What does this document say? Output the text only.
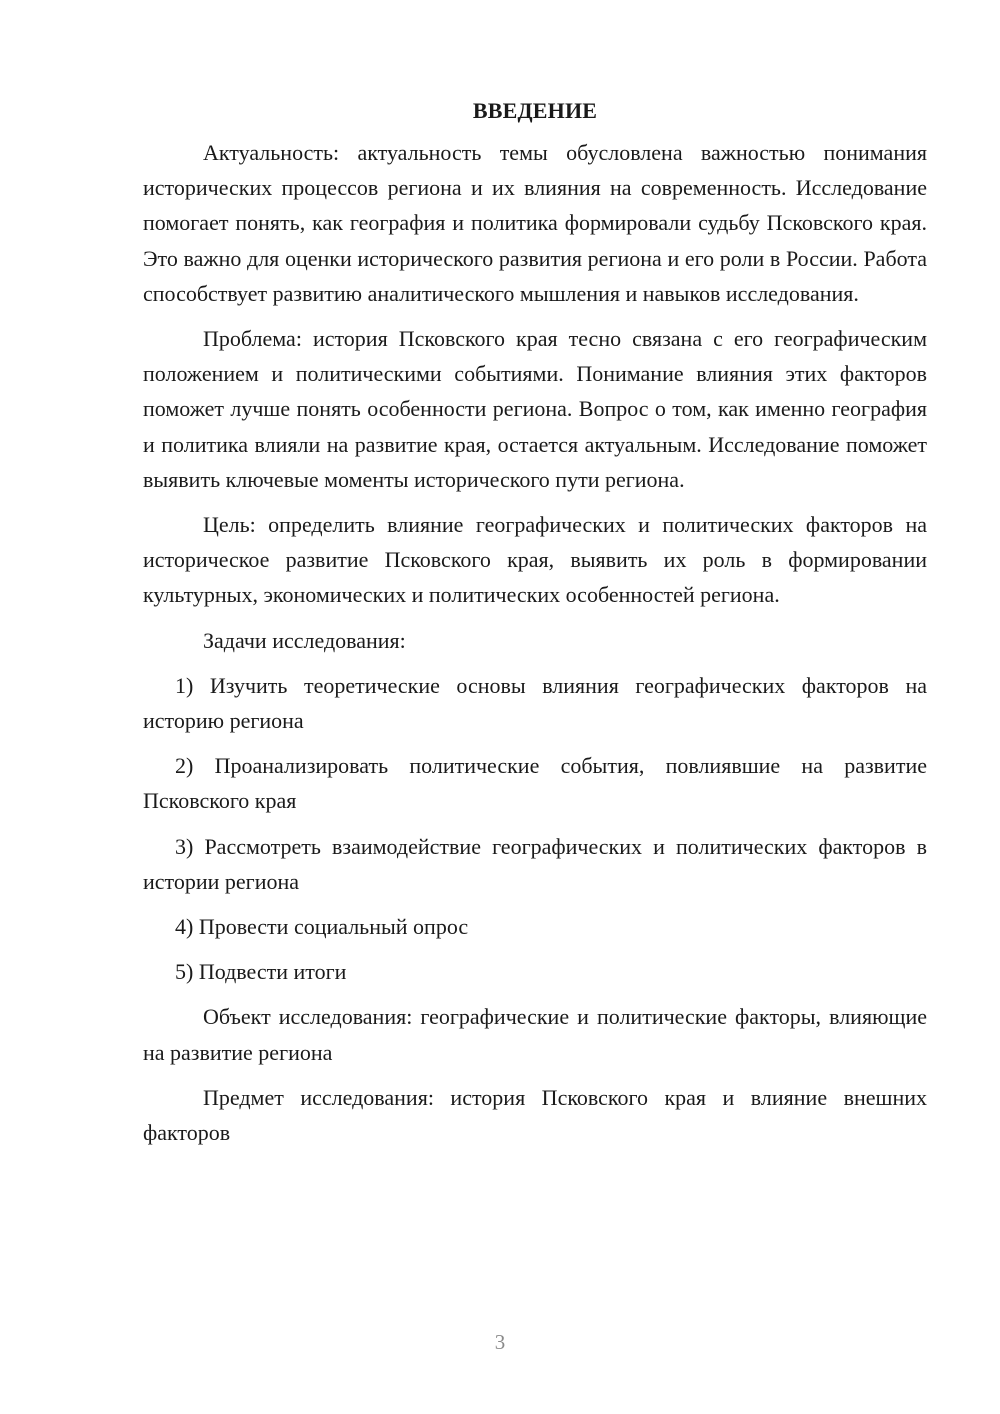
ВВЕДЕНИЕ

Актуальность: актуальность темы обусловлена важностью понимания исторических процессов региона и их влияния на современность. Исследование помогает понять, как география и политика формировали судьбу Псковского края. Это важно для оценки исторического развития региона и его роли в России. Работа способствует развитию аналитического мышления и навыков исследования.

Проблема: история Псковского края тесно связана с его географическим положением и политическими событиями. Понимание влияния этих факторов поможет лучше понять особенности региона. Вопрос о том, как именно география и политика влияли на развитие края, остается актуальным. Исследование поможет выявить ключевые моменты исторического пути региона.

Цель: определить влияние географических и политических факторов на историческое развитие Псковского края, выявить их роль в формировании культурных, экономических и политических особенностей региона.

Задачи исследования:

1) Изучить теоретические основы влияния географических факторов на историю региона

2) Проанализировать политические события, повлиявшие на развитие Псковского края

3) Рассмотреть взаимодействие географических и политических факторов в истории региона

4) Провести социальный опрос

5) Подвести итоги

Объект исследования: географические и политические факторы, влияющие на развитие региона

Предмет исследования: история Псковского края и влияние внешних факторов

3
